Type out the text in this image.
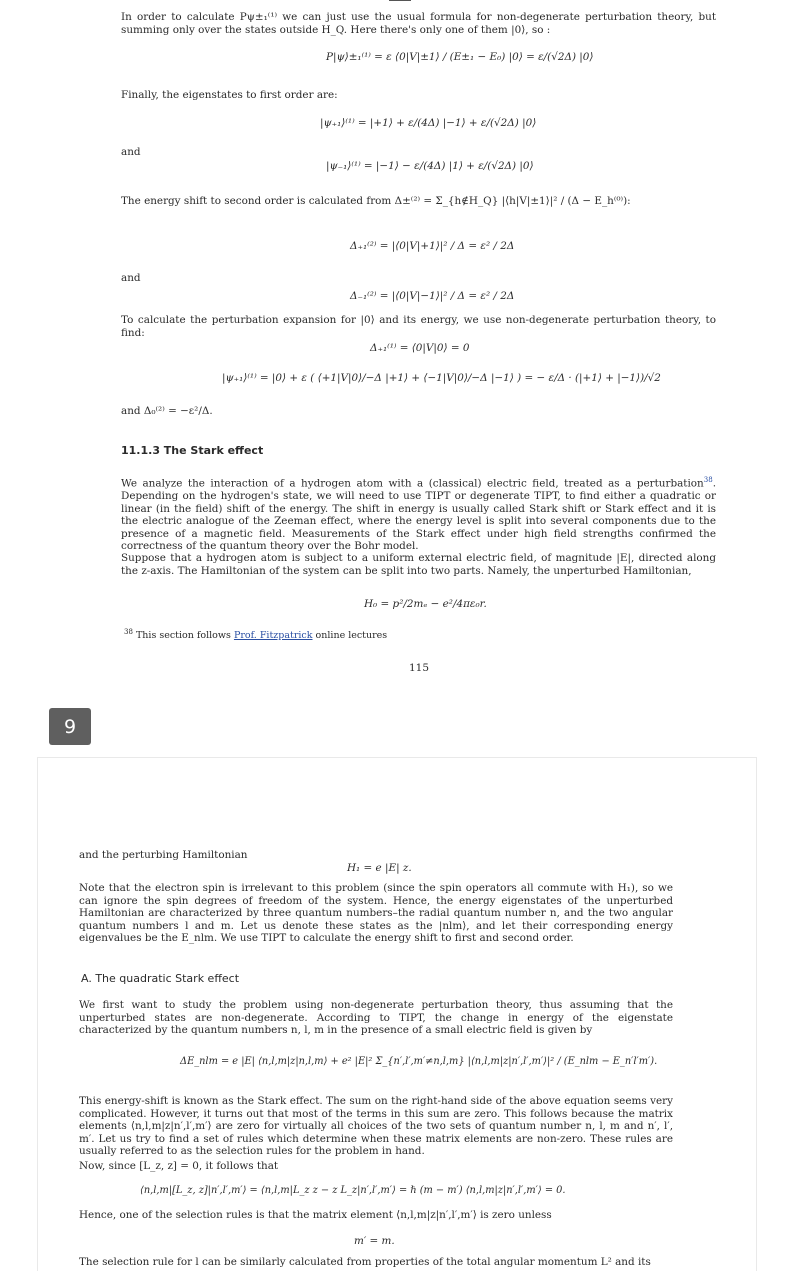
In order to calculate Pψ±₁⁽¹⁾ we can just use the usual formula for non-degenerate perturbation theory, but summing only over the states outside H_Q. Here there's only one of them |0⟩, so :

P|ψ⟩±₁⁽¹⁾ = ε ⟨0|V|±1⟩ / (E±₁ − E₀) |0⟩ = ε/(√2Δ) |0⟩

Finally, the eigenstates to first order are:

|ψ₊₁⟩⁽¹⁾ = |+1⟩ + ε/(4Δ) |−1⟩ + ε/(√2Δ) |0⟩

and

|ψ₋₁⟩⁽¹⁾ = |−1⟩ − ε/(4Δ) |1⟩ + ε/(√2Δ) |0⟩

The energy shift to second order is calculated from Δ±⁽²⁾ = Σ_{h∉H_Q} |⟨h|V|±1⟩|² / (Δ − E_h⁽⁰⁾):

Δ₊₁⁽²⁾ = |⟨0|V|+1⟩|² / Δ = ε² / 2Δ

and

Δ₋₁⁽²⁾ = |⟨0|V|−1⟩|² / Δ = ε² / 2Δ

To calculate the perturbation expansion for |0⟩ and its energy, we use non-degenerate perturbation theory, to find:

Δ₊₁⁽¹⁾ = ⟨0|V|0⟩ = 0
|ψ₊₁⟩⁽¹⁾ = |0⟩ + ε ( ⟨+1|V|0⟩/−Δ |+1⟩ + ⟨−1|V|0⟩/−Δ |−1⟩ ) = − ε/Δ · (|+1⟩ + |−1⟩)/√2

and Δ₀⁽²⁾ = −ε²/Δ.

11.1.3 The Stark effect

We analyze the interaction of a hydrogen atom with a (classical) electric field, treated as a perturbation$^{38}$. Depending on the hydrogen's state, we will need to use TIPT or degenerate TIPT, to find either a quadratic or linear (in the field) shift of the energy. The shift in energy is usually called Stark shift or Stark effect and it is the electric analogue of the Zeeman effect, where the energy level is split into several components due to the presence of a magnetic field. Measurements of the Stark effect under high field strengths confirmed the correctness of the quantum theory over the Bohr model.

Suppose that a hydrogen atom is subject to a uniform external electric field, of magnitude |E|, directed along the z-axis. The Hamiltonian of the system can be split into two parts. Namely, the unperturbed Hamiltonian,

H₀ = p²/2mₑ − e²/4πε₀r.
$^{38}$ This section follows Prof. Fitzpatrick online lectures
115
9

and the perturbing Hamiltonian

H₁ = e |E| z.

Note that the electron spin is irrelevant to this problem (since the spin operators all commute with H₁), so we can ignore the spin degrees of freedom of the system. Hence, the energy eigenstates of the unperturbed Hamiltonian are characterized by three quantum numbers–the radial quantum number n, and the two angular quantum numbers l and m. Let us denote these states as the |nlm⟩, and let their corresponding energy eigenvalues be the E_nlm. We use TIPT to calculate the energy shift to first and second order.

A. The quadratic Stark effect

We first want to study the problem using non-degenerate perturbation theory, thus assuming that the unperturbed states are non-degenerate. According to TIPT, the change in energy of the eigenstate characterized by the quantum numbers n, l, m in the presence of a small electric field is given by

ΔE_nlm = e |E| ⟨n,l,m|z|n,l,m⟩ + e² |E|² Σ_{n′,l′,m′≠n,l,m} |⟨n,l,m|z|n′,l′,m′⟩|² / (E_nlm − E_n′l′m′).

This energy-shift is known as the Stark effect. The sum on the right-hand side of the above equation seems very complicated. However, it turns out that most of the terms in this sum are zero. This follows because the matrix elements ⟨n,l,m|z|n′,l′,m′⟩ are zero for virtually all choices of the two sets of quantum number n, l, m and n′, l′, m′. Let us try to find a set of rules which determine when these matrix elements are non-zero. These rules are usually referred to as the selection rules for the problem in hand.

Now, since [L_z, z] = 0, it follows that

⟨n,l,m|[L_z, z]|n′,l′,m′⟩ = ⟨n,l,m|L_z z − z L_z|n′,l′,m′⟩ = ℏ (m − m′) ⟨n,l,m|z|n′,l′,m′⟩ = 0.

Hence, one of the selection rules is that the matrix element ⟨n,l,m|z|n′,l′,m′⟩ is zero unless

m′ = m.

The selection rule for l can be similarly calculated from properties of the total angular momentum L² and its
